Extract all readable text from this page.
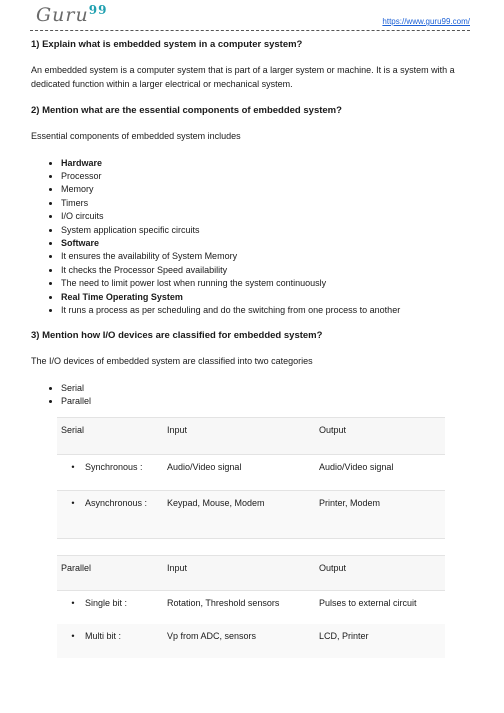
Guru$^{99}$
https://www.guru99.com/
1) Explain what is embedded system in a computer system?

An embedded system is a computer system that is part of a larger system or machine. It is a system with a dedicated function within a larger electrical or mechanical system.

2) Mention what are the essential components of embedded system?

Essential components of embedded system includes

• Hardware
• Processor
• Memory
• Timers
• I/O circuits
• System application specific circuits
• Software
• It ensures the availability of System Memory
• It checks the Processor Speed availability
• The need to limit power lost when running the system continuously
• Real Time Operating System
• It runs a process as per scheduling and do the switching from one process to another
3) Mention how I/O devices are classified for embedded system?

The I/O devices of embedded system are classified into two categories

• Serial
• Parallel
Serial	Input	Output
• Synchronous :	Audio/Video signal	Audio/Video signal
• Asynchronous :	Keypad, Mouse, Modem	Printer, Modem
Parallel	Input	Output
• Single bit :	Rotation, Threshold sensors	Pulses to external circuit
• Multi bit :	Vp from ADC, sensors	LCD, Printer
